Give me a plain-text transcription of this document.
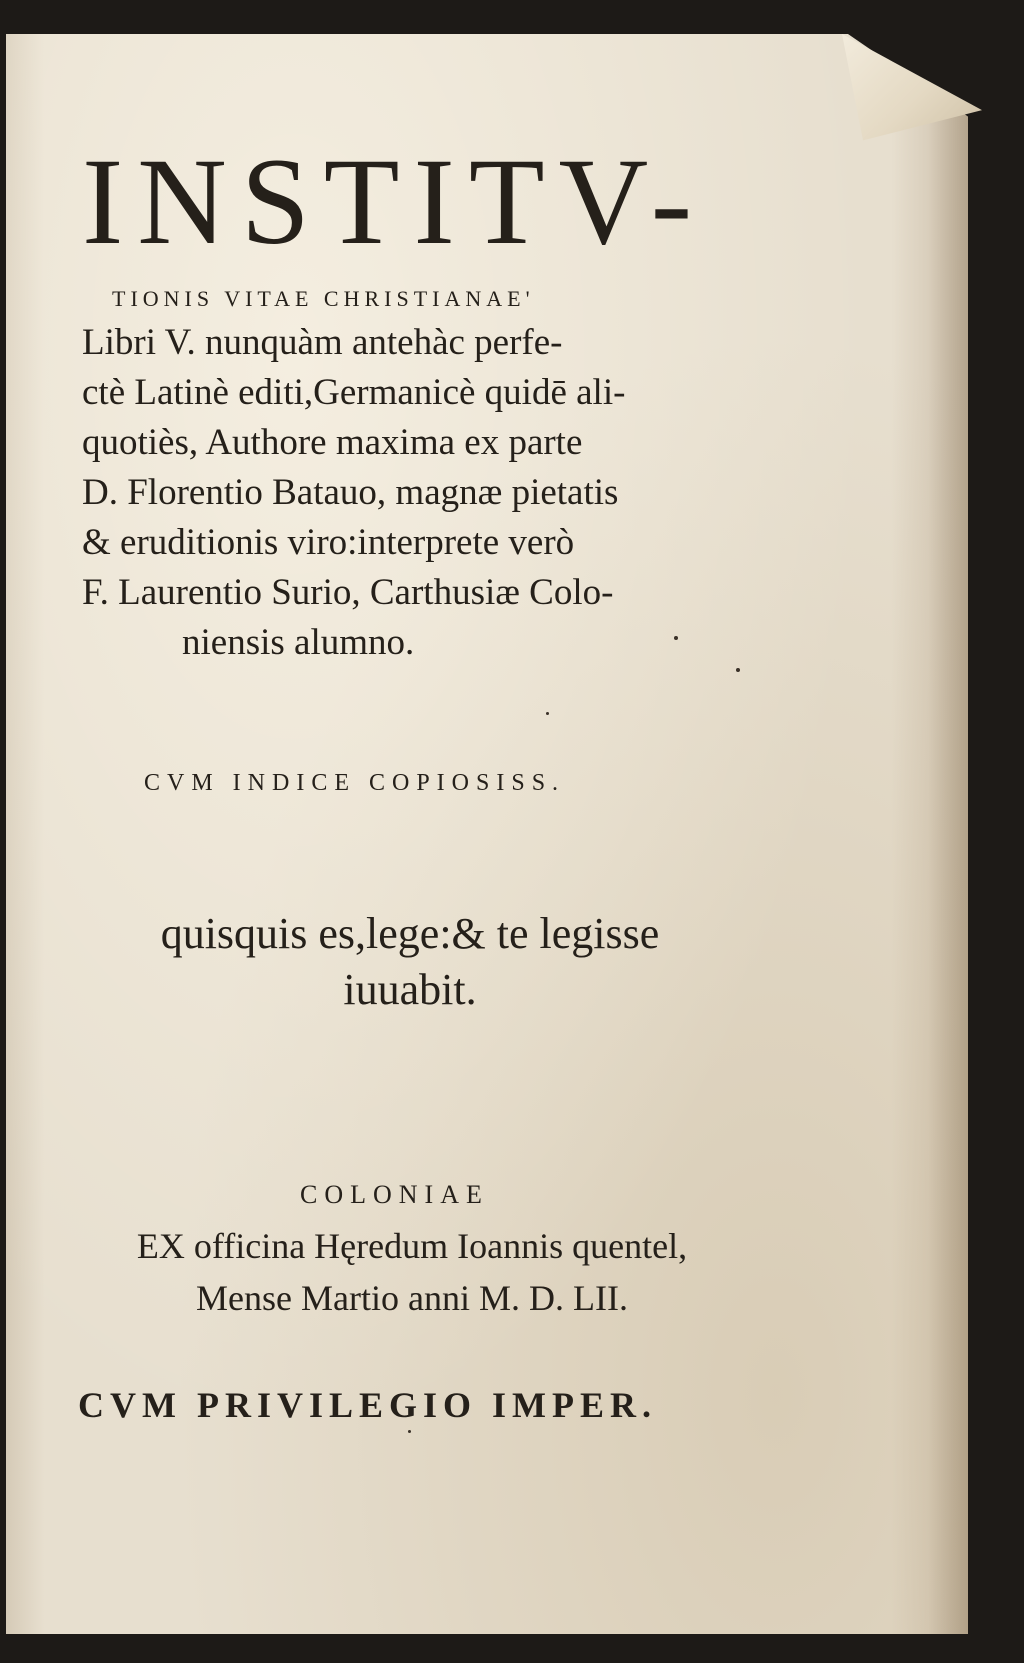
INSTITV-
TIONIS VITAE CHRISTIANAE'
Libri V. nunquàm antehàc perfe-
ctè Latinè editi,Germanicè quidē ali-
quotiès, Authore maxima ex parte
D. Florentio Batauo, magnæ pietatis
& eruditionis viro:interprete verò
F. Laurentio Surio, Carthusiæ Colo-
niensis alumno.
CVM INDICE COPIOSISS.
quisquis es,lege:& te legisse
iuuabit.
COLONIAE
EX officina Hęredum Ioannis quentel,
Mense Martio anni M. D. LII.
CVM PRIVILEGIO IMPER.
